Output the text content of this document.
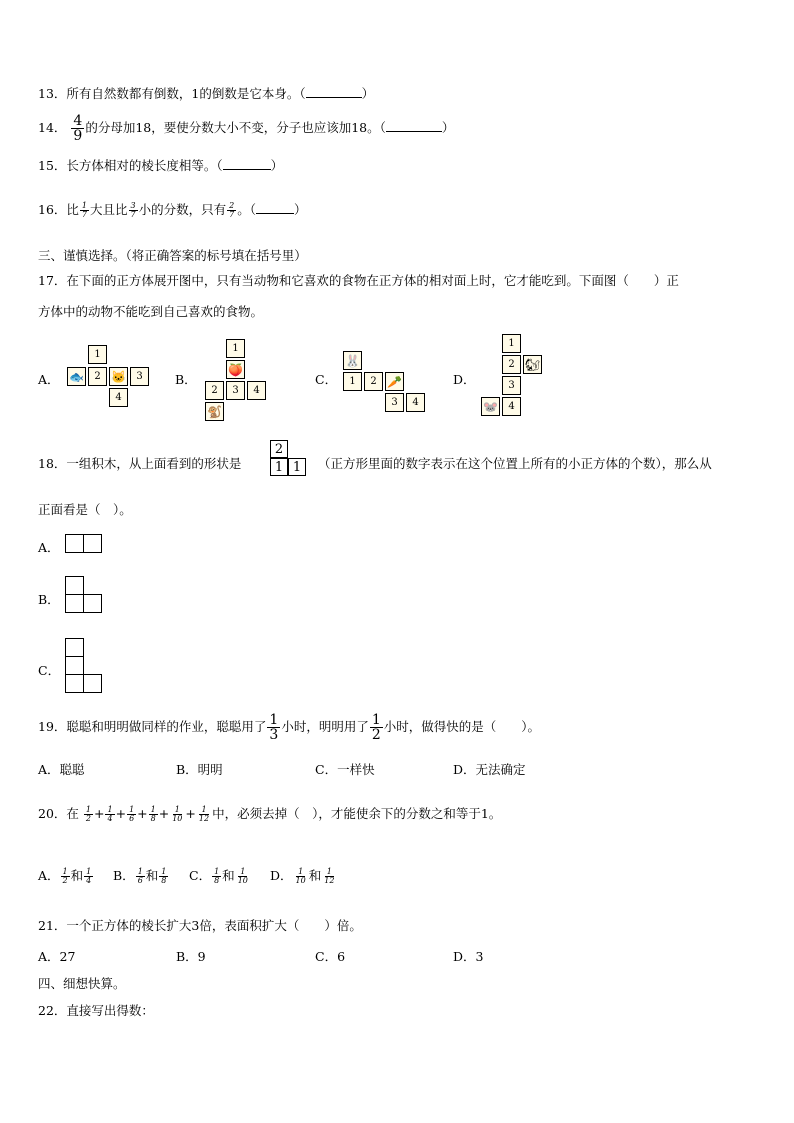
13．所有自然数都有倒数，1的倒数是它本身。（	）
14． $\frac{4}{9}$ 的分母加18，要使分数大小不变，分子也应该加18。（	）
15．长方体相对的棱长度相等。（	）
16．比 $\frac{1}{7}$ 大且比 $\frac{3}{7}$ 小的分数，只有 $\frac{2}{7}$ 。（	）
三、谨慎选择。（将正确答案的标号填在括号里）
17．在下面的正方体展开图中，只有当动物和它喜欢的食物在正方体的相对面上时，它才能吃到。下面图（　　）正
方体中的动物不能吃到自己喜欢的食物。
A．	B．	C．	D．
1
🐟	2 🐱	3
4
1
🍑
2	3	4
🐒
🐰
1	2 🥕
3	4
1
2 🐿
3
🐭	4
18．一组积木，从上面看到的形状是
2
1 1	（正方形里面的数字表示在这个位置上所有的小正方体的个数），那么从
正面看是（　）。
A．
B．
C．
19．聪聪和明明做同样的作业，聪聪用了 $\frac{1}{3}$ 小时，明明用了 $\frac{1}{2}$ 小时，做得快的是（　　）。
A．聪聪	B．明明	C．一样快	D．无法确定
20．在 $\frac{1}{2} + \frac{1}{4} + \frac{1}{6} + \frac{1}{8} + \frac{1}{10} + \frac{1}{12}$ 中，必须去掉（　），才能使余下的分数之和等于1。
A． $\frac{1}{2}$ 和 $\frac{1}{4}$ B． $\frac{1}{6}$ 和 $\frac{1}{8}$ C． $\frac{1}{8}$ 和 $\frac{1}{10}$ D． $\frac{1}{10}$ 和 $\frac{1}{12}$
21．一个正方体的棱长扩大3倍，表面积扩大（　　）倍。
A．27	B．9	C．6	D．3
四、细想快算。
22．直接写出得数：
